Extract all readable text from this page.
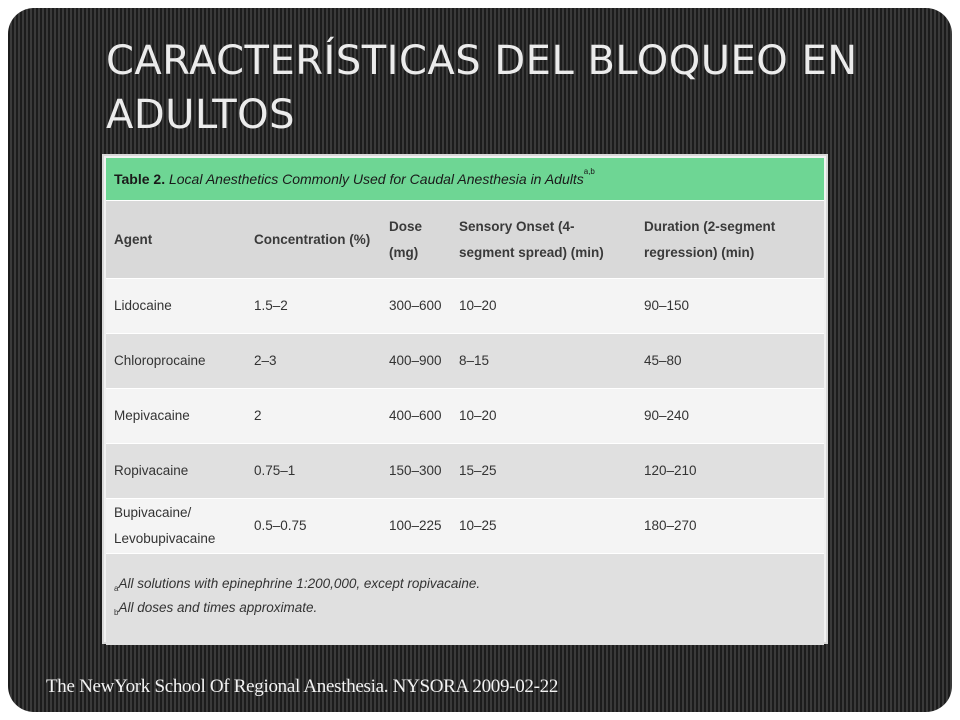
CARACTERÍSTICAS DEL BLOQUEO EN ADULTOS
Table 2. Local Anesthetics Commonly Used for Caudal Anesthesia in Adults$^{a,b}$
Agent	Concentration (%)	Dose (mg)	Sensory Onset (4-segment spread) (min)	Duration (2-segment regression) (min)
Lidocaine	1.5–2	300–600	10–20	90–150
Chloroprocaine	2–3	400–900	8–15	45–80
Mepivacaine	2	400–600	10–20	90–240
Ropivacaine	0.75–1	150–300	15–25	120–210
Bupivacaine/ Levobupivacaine	0.5–0.75	100–225	10–25	180–270
$^a$All solutions with epinephrine 1:200,000, except ropivacaine.
$^b$All doses and times approximate.
The NewYork School Of Regional Anesthesia. NYSORA 2009-02-22
